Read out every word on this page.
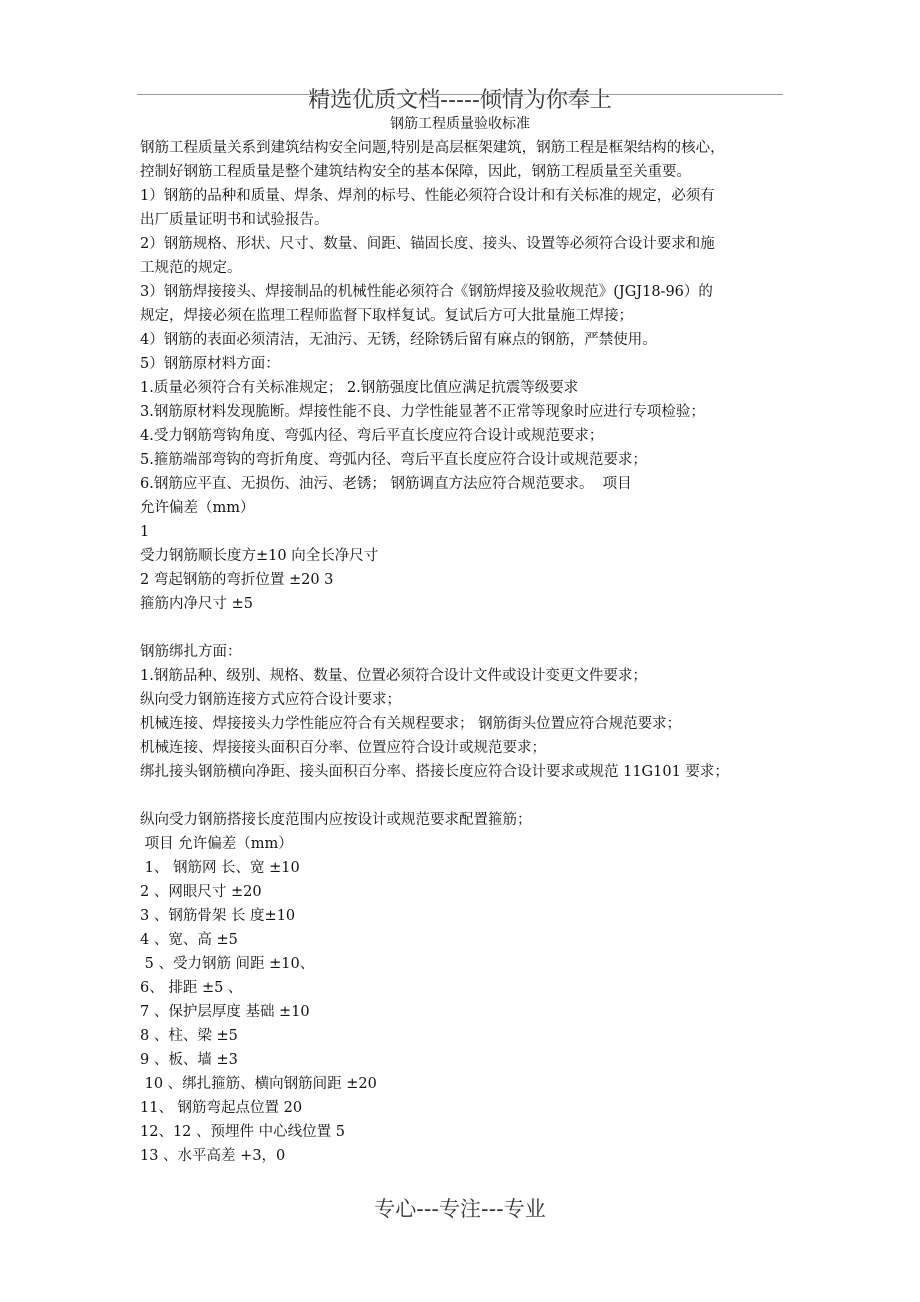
精选优质文档-----倾情为你奉上
钢筋工程质量验收标准
钢筋工程质量关系到建筑结构安全问题,特别是高层框架建筑，钢筋工程是框架结构的核心，
控制好钢筋工程质量是整个建筑结构安全的基本保障，因此，钢筋工程质量至关重要。
1）钢筋的品种和质量、焊条、焊剂的标号、性能必须符合设计和有关标准的规定，必须有
出厂质量证明书和试验报告。
2）钢筋规格、形状、尺寸、数量、间距、锚固长度、接头、设置等必须符合设计要求和施
工规范的规定。
3）钢筋焊接接头、焊接制品的机械性能必须符合《钢筋焊接及验收规范》(JGJ18-96）的
规定，焊接必须在监理工程师监督下取样复试。复试后方可大批量施工焊接；
4）钢筋的表面必须清洁，无油污、无锈，经除锈后留有麻点的钢筋，严禁使用。
5）钢筋原材料方面：
1.质量必须符合有关标准规定； 2.钢筋强度比值应满足抗震等级要求
3.钢筋原材料发现脆断。焊接性能不良、力学性能显著不正常等现象时应进行专项检验；
4.受力钢筋弯钩角度、弯弧内径、弯后平直长度应符合设计或规范要求；
5.箍筋端部弯钩的弯折角度、弯弧内径、弯后平直长度应符合设计或规范要求；
6.钢筋应平直、无损伤、油污、老锈； 钢筋调直方法应符合规范要求。  项目
允许偏差（mm）
1
受力钢筋顺长度方±10 向全长净尺寸
2 弯起钢筋的弯折位置 ±20 3
箍筋内净尺寸 ±5
钢筋绑扎方面：
1.钢筋品种、级别、规格、数量、位置必须符合设计文件或设计变更文件要求；
纵向受力钢筋连接方式应符合设计要求；
机械连接、焊接接头力学性能应符合有关规程要求； 钢筋街头位置应符合规范要求；
机械连接、焊接接头面积百分率、位置应符合设计或规范要求；
绑扎接头钢筋横向净距、接头面积百分率、搭接长度应符合设计要求或规范 11G101 要求；
纵向受力钢筋搭接长度范围内应按设计或规范要求配置箍筋；
项目 允许偏差（mm）
1、 钢筋网 长、宽 ±10
2 、网眼尺寸 ±20
3 、钢筋骨架 长 度±10
4 、宽、高 ±5
5 、受力钢筋 间距 ±10、
6、 排距 ±5 、
7 、保护层厚度 基础 ±10
8 、柱、梁 ±5
9 、板、墙 ±3
10 、绑扎箍筋、横向钢筋间距 ±20
11、 钢筋弯起点位置 20
12、12 、预埋件 中心线位置 5
13 、水平高差 +3，0
专心---专注---专业
